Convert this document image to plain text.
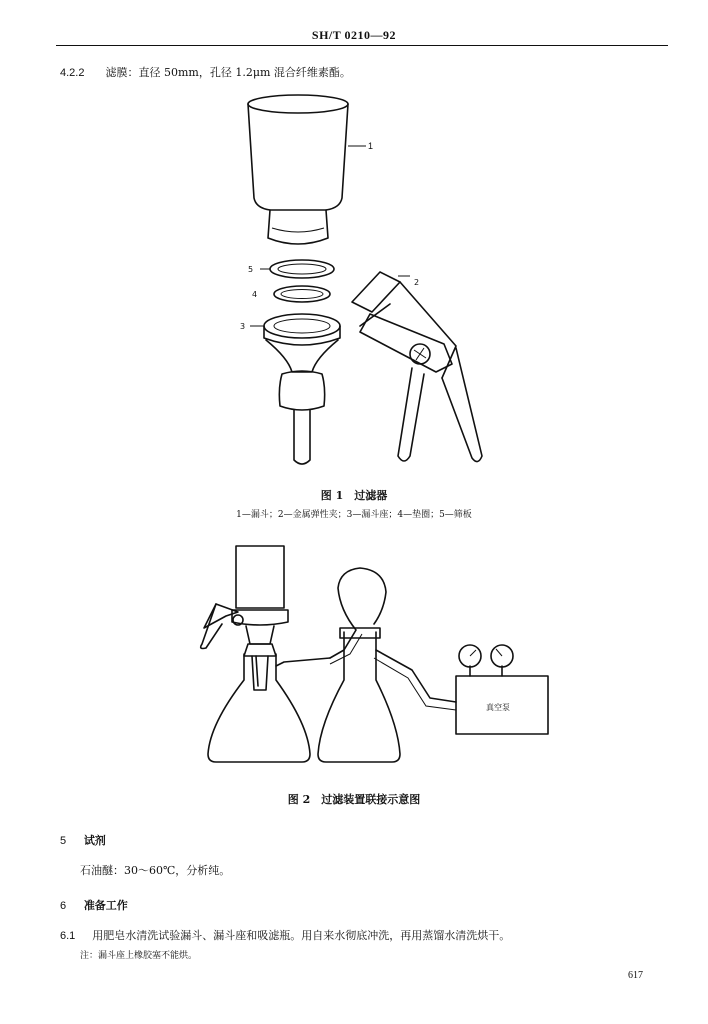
SH/T 0210—92
4.2.2 滤膜：直径 50mm，孔径 1.2μm 混合纤维素酯。
1
5
4
3
2
图 1　过滤器
1—漏斗；2—金属弹性夹；3—漏斗座；4—垫圈；5—筛板
真空泵
图 2　过滤装置联接示意图
5 试剂
石油醚：30～60℃，分析纯。
6 准备工作
6.1 用肥皂水清洗试验漏斗、漏斗座和吸滤瓶。用自来水彻底冲洗，再用蒸馏水清洗烘干。
注：漏斗座上橡胶塞不能烘。
617
